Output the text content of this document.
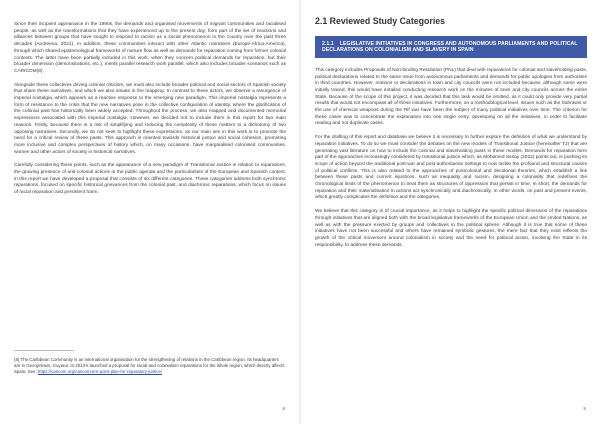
Since their incipient appearance in the 1990s, the demands and organised movements of migrant communities and racialised people, as well as the transformations that they have experienced up to the present day, form part of the set of reactions and alliances between groups that have sought to respond to racism as a social phenomenon in the country over the past three decades (Andreeva, 2021). In addition, these communities interact with other Atlantic narratives (Europe-Africa-America), through which shared epistemological frameworks of nurture flow as well as demands for reparation coming from former colonial contexts. The latter have been partially included in this work, when they concern political demands for reparation, but their broader dimension (demonstrations, etc.), merits parallel research work parallel, which also includes broader scenarios such as CARICOM(8).

Alongside these collectives driving colonial criticism, we must also include broader political and social sectors of Spanish society that share these narratives, and which we also situate in the mapping. In contrast to these actors, we observe a resurgence of imperial nostalgia, which appears as a reactive response to the emerging new paradigm. This imperial nostalgia represents a form of resistance to the crisis that the new narratives pose in the collective configuration of identity, where the glorification of the colonial past has historically been widely accepted. Throughout the process, we also mapped and documented memorial expressions associated with this imperial nostalgia. However, we decided not to include them in this report for two main reasons. Firstly, because there is a risk of simplifying and reducing the complexity of these matters to a dichotomy of two opposing narratives. Secondly, we do not seek to highlight these expressions, as our main aim in this work is to promote the need for a critical review of these pasts. This approach is oriented towards historical justice and social cohesion, promoting more inclusive and complex perspectives of history which, on many occasions, have marginalised colonised communities, women and other actors of society in historical narratives.

Carefully considering these points, such as the appearance of a new paradigm of Transitional Justice in relation to reparations, the growing presence of anti-colonial actions in the public agenda and the particularities of the European and Spanish context, in this report we have developed a proposal that consists of six different categories. These categories address both synchronic reparations, focused on specific historical grievances from the colonial past, and diachronic reparations, which focus on issues of racial reparation and persistent harm.

(8) The Caribbean Community is an international organisation for the strengthening of relations in the Caribbean region. Its headquarters are in Georgetown, Guyana. In 2013 it launched a proposal for racial and colonialism reparations for the whole region, which directly affects Spain. See: https://caricom.org/caricom-ten-point-plan-for-reparatory-justice/

8
2.1 Reviewed Study Categories
2.1.1 LEGISLATIVE INITIATIVES IN CONGRESS AND AUTONOMOUS PARLIAMENTS AND POLITICAL DECLARATIONS ON COLONIALISM AND SLAVERY IN SPAIN

This category includes Proposals of Non-binding Resolution (PNL) that deal with reparations for colonial and slaveholding pasts, political declarations related to the same issue from autonomous parliaments and demands for public apologies from authorities in third countries. However, motions or declarations in town and city councils were not included because, although some were initially traced, this would have entailed conducting research work on the minutes of town and city councils across the entire State. Because of the scope of this project, it was decided that this task would be omitted, as it could only provide very partial results that would not encompass all of these initiatives. Furthermore, on a methodological level, issues such as the Sahrawis or the use of chemical weapons during the Rif war have been the subject of many political initiatives over time. The criterion for these cases was to concentrate the explanation into one single entry, developing on all the initiatives, in order to facilitate reading and not duplicate cases.

For the drafting of this report and database we believe it is necessary to further explore the definition of what we understand by reparation initiatives. To do so we must consider the debates on the new models of Transitional Justice (hereinafter TJ) that are generating vast literature on how to include the colonial and slaveholding pasts in these models. Demands for reparation form part of the approaches increasingly considered by transitional justice which, as Mohamed Sesay (2022) points out, is pushing its scope of action beyond the traditional post-war and post-authoritarian settings to now tackle the profound and structural causes of political conflicts. This is also related to the approaches of postcolonial and decolonial theories, which establish a link between these pasts and current injustices, such as inequality and racism, designing a coloniality that redefines the chronological limits of the phenomenon to treat them as structures of oppression that persist in time. In short, the demands for reparation and their materialisation in actions act synchronically and diachronically. In other words, on past and present events, which greatly complicates the definition and the categories.

We believe that this category is of crucial importance, as it helps to highlight the specific political dimension of the reparations through initiatives that are aligned both with the broad legislative frameworks of the European Union and the United Nations, as well as with the pressure exerted by groups and collectives in the political sphere. Although it is true that some of these initiatives have not been successful and others have remained symbolic gestures, the mere fact that they exist reflects the growth of the critical movement around colonialism in society and the need for political action, involving the State in its responsibility, to address these demands.

9
